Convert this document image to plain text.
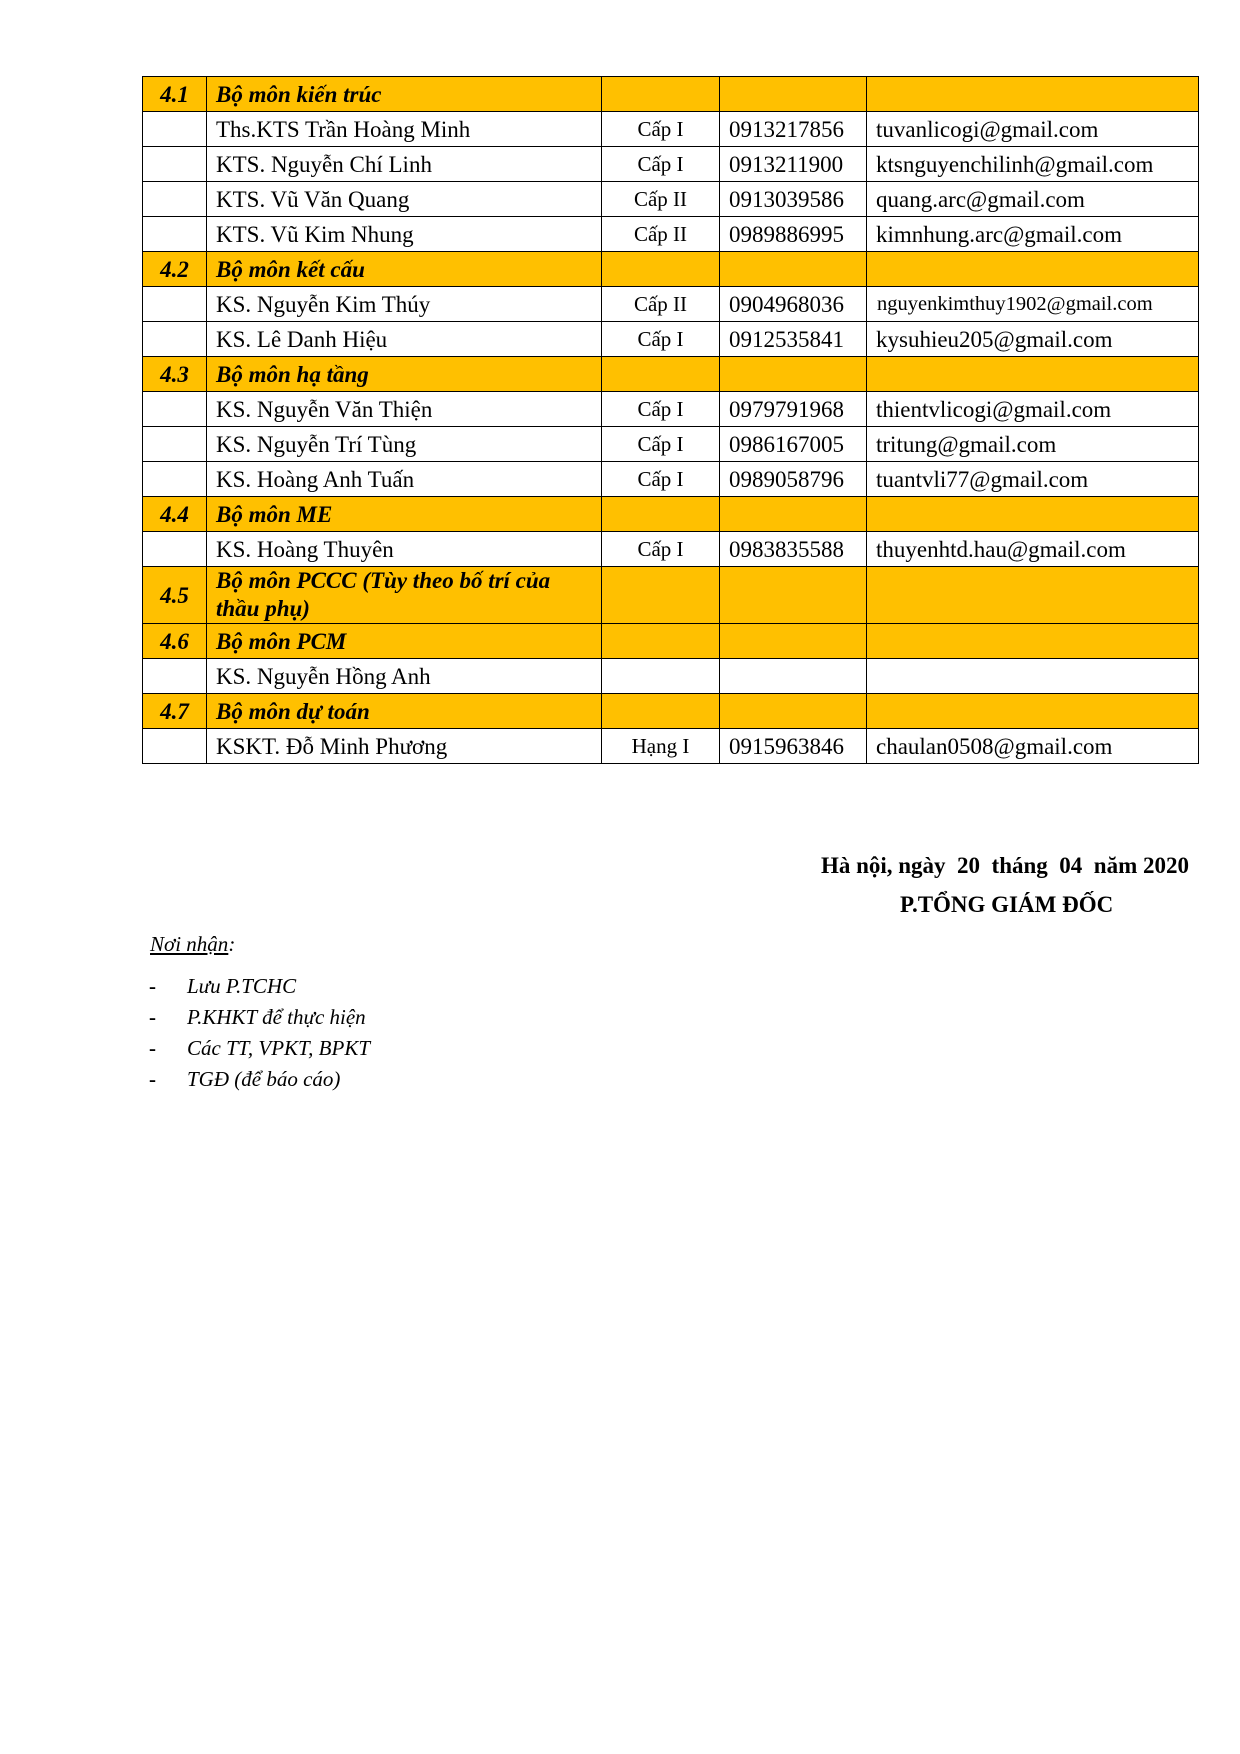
4.1	Bộ môn kiến trúc			
	Ths.KTS Trần Hoàng Minh	Cấp I	0913217856	tuvanlicogi@gmail.com
	KTS. Nguyễn Chí Linh	Cấp I	0913211900	ktsnguyenchilinh@gmail.com
	KTS. Vũ Văn Quang	Cấp II	0913039586	quang.arc@gmail.com
	KTS. Vũ Kim Nhung	Cấp II	0989886995	kimnhung.arc@gmail.com
4.2	Bộ môn kết cấu			
	KS. Nguyễn Kim Thúy	Cấp II	0904968036	nguyenkimthuy1902@gmail.com
	KS. Lê Danh Hiệu	Cấp I	0912535841	kysuhieu205@gmail.com
4.3	Bộ môn hạ tầng			
	KS. Nguyễn Văn Thiện	Cấp I	0979791968	thientvlicogi@gmail.com
	KS. Nguyễn Trí Tùng	Cấp I	0986167005	tritung@gmail.com
	KS. Hoàng Anh Tuấn	Cấp I	0989058796	tuantvli77@gmail.com
4.4	Bộ môn ME			
	KS. Hoàng Thuyên	Cấp I	0983835588	thuyenhtd.hau@gmail.com
4.5	Bộ môn PCCC (Tùy theo bố trí của thầu phụ)			
4.6	Bộ môn PCM			
	KS. Nguyễn Hồng Anh			
4.7	Bộ môn dự toán			
	KSKT. Đỗ Minh Phương	Hạng I	0915963846	chaulan0508@gmail.com
Hà nội, ngày  20  tháng  04  năm 2020
P.TỔNG GIÁM ĐỐC
Nơi nhận:
- Lưu P.TCHC
- P.KHKT để thực hiện
- Các TT, VPKT, BPKT
- TGĐ (để báo cáo)
